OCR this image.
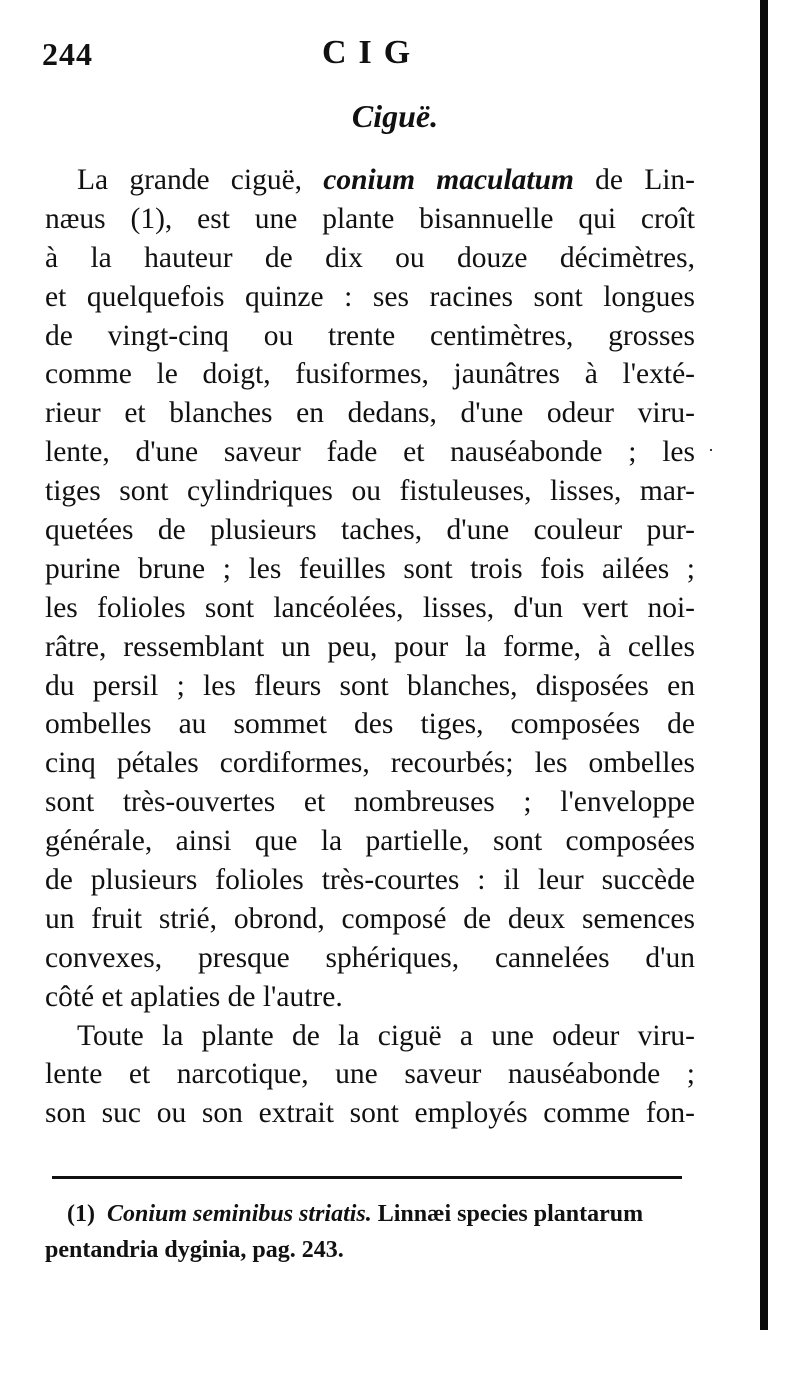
244	CIG
Ciguë.
La grande ciguë, conium maculatum de Lin-
næus (1), est une plante bisannuelle qui croît
à la hauteur de dix ou douze décimètres,
et quelquefois quinze : ses racines sont longues
de vingt-cinq ou trente centimètres, grosses
comme le doigt, fusiformes, jaunâtres à l'exté-
rieur et blanches en dedans, d'une odeur viru-
lente, d'une saveur fade et nauséabonde ; les
tiges sont cylindriques ou fistuleuses, lisses, mar-
quetées de plusieurs taches, d'une couleur pur-
purine brune ; les feuilles sont trois fois ailées ;
les folioles sont lancéolées, lisses, d'un vert noi-
râtre, ressemblant un peu, pour la forme, à celles
du persil ; les fleurs sont blanches, disposées en
ombelles au sommet des tiges, composées de
cinq pétales cordiformes, recourbés; les ombelles
sont très-ouvertes et nombreuses ; l'enveloppe
générale, ainsi que la partielle, sont composées
de plusieurs folioles très-courtes : il leur succède
un fruit strié, obrond, composé de deux semences
convexes, presque sphériques, cannelées d'un
côté et aplaties de l'autre.
Toute la plante de la ciguë a une odeur viru-
lente et narcotique, une saveur nauséabonde ;
son suc ou son extrait sont employés comme fon-
(1) Conium seminibus striatis. Linnæi species plantarum
pentandria dyginia, pag. 243.
·
